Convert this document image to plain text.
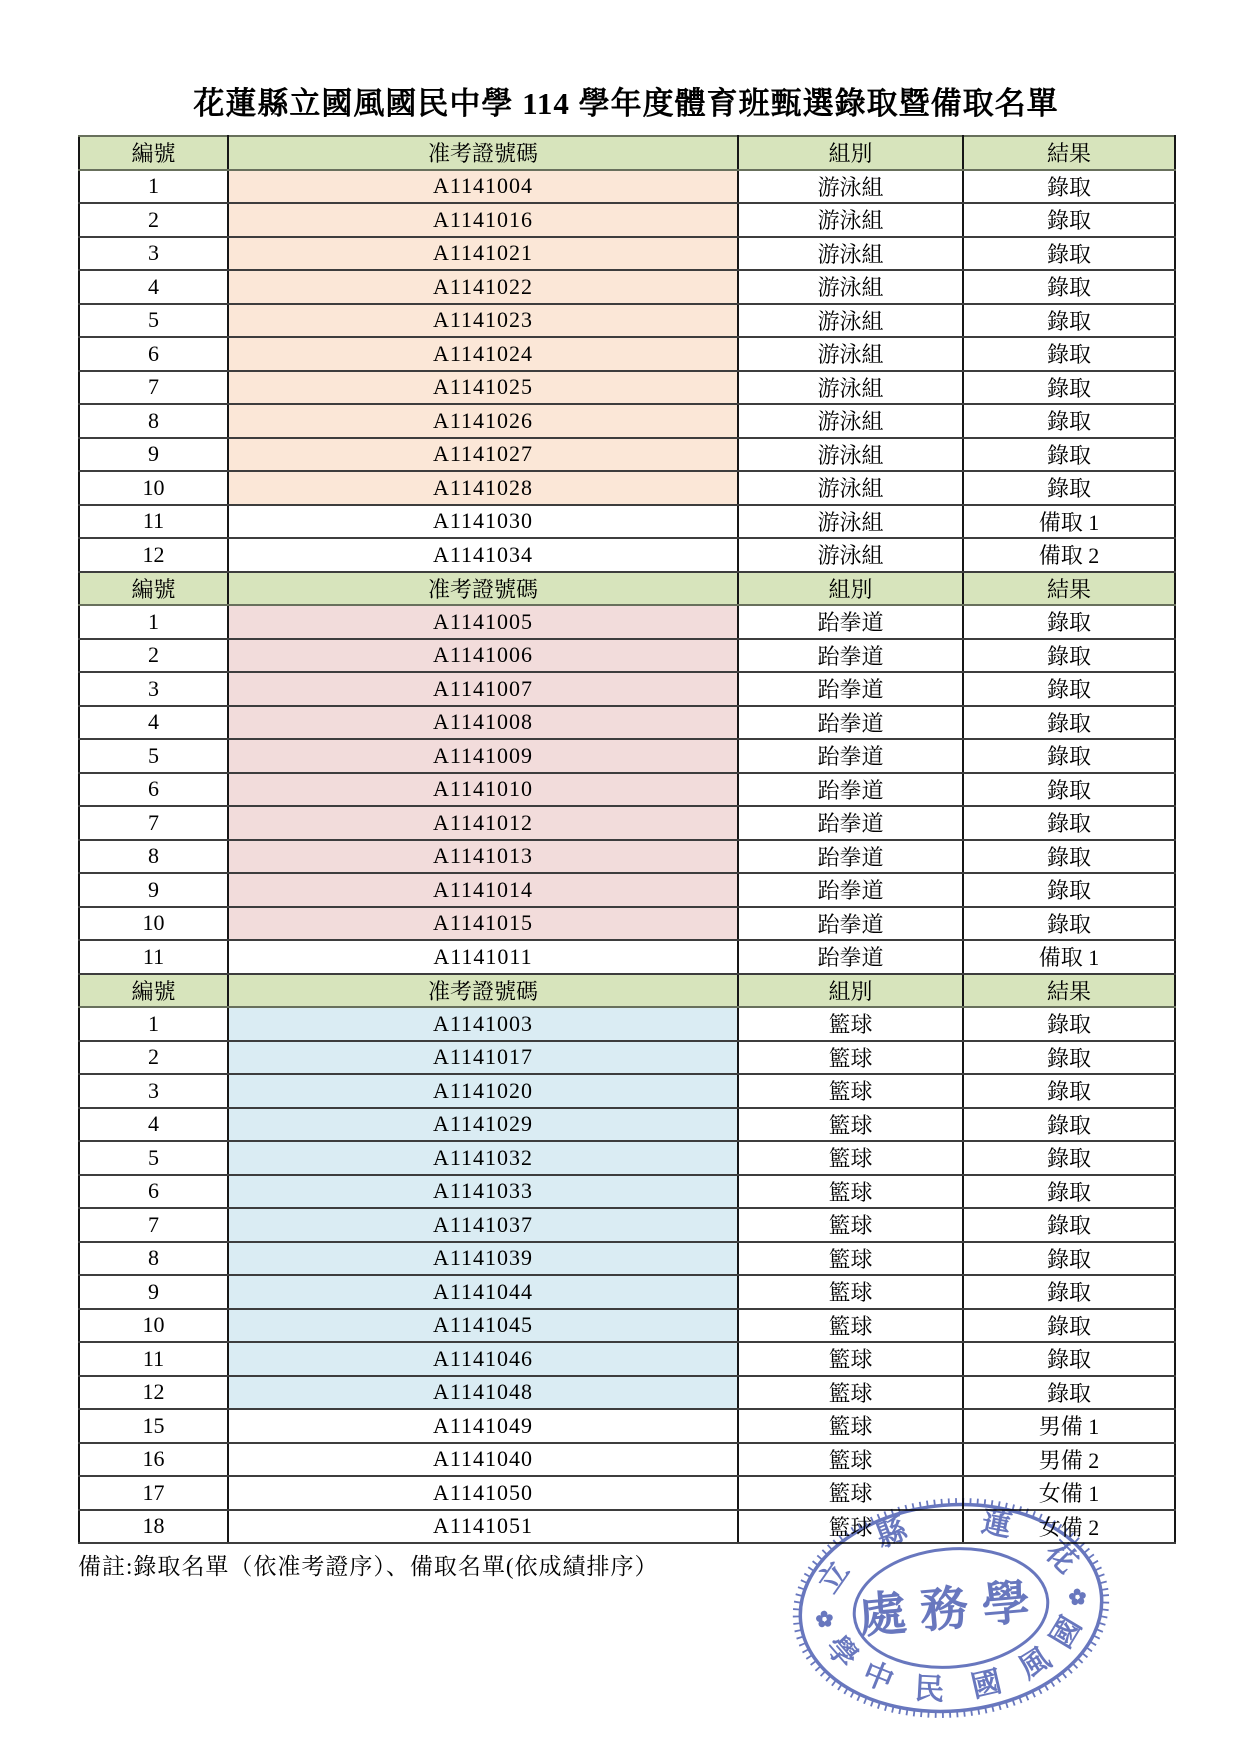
花蓮縣立國風國民中學 114 學年度體育班甄選錄取暨備取名單
編號	准考證號碼	組別	結果
1	A1141004	游泳組	錄取
2	A1141016	游泳組	錄取
3	A1141021	游泳組	錄取
4	A1141022	游泳組	錄取
5	A1141023	游泳組	錄取
6	A1141024	游泳組	錄取
7	A1141025	游泳組	錄取
8	A1141026	游泳組	錄取
9	A1141027	游泳組	錄取
10	A1141028	游泳組	錄取
11	A1141030	游泳組	備取 1
12	A1141034	游泳組	備取 2
編號	准考證號碼	組別	結果
1	A1141005	跆拳道	錄取
2	A1141006	跆拳道	錄取
3	A1141007	跆拳道	錄取
4	A1141008	跆拳道	錄取
5	A1141009	跆拳道	錄取
6	A1141010	跆拳道	錄取
7	A1141012	跆拳道	錄取
8	A1141013	跆拳道	錄取
9	A1141014	跆拳道	錄取
10	A1141015	跆拳道	錄取
11	A1141011	跆拳道	備取 1
編號	准考證號碼	組別	結果
1	A1141003	籃球	錄取
2	A1141017	籃球	錄取
3	A1141020	籃球	錄取
4	A1141029	籃球	錄取
5	A1141032	籃球	錄取
6	A1141033	籃球	錄取
7	A1141037	籃球	錄取
8	A1141039	籃球	錄取
9	A1141044	籃球	錄取
10	A1141045	籃球	錄取
11	A1141046	籃球	錄取
12	A1141048	籃球	錄取
15	A1141049	籃球	男備 1
16	A1141040	籃球	男備 2
17	A1141050	籃球	女備 1
18	A1141051	籃球	女備 2

備註:錄取名單（依准考證序）、備取名單(依成績排序）

處務學
立
縣 蓮
花
學
中 民 國 風
國
